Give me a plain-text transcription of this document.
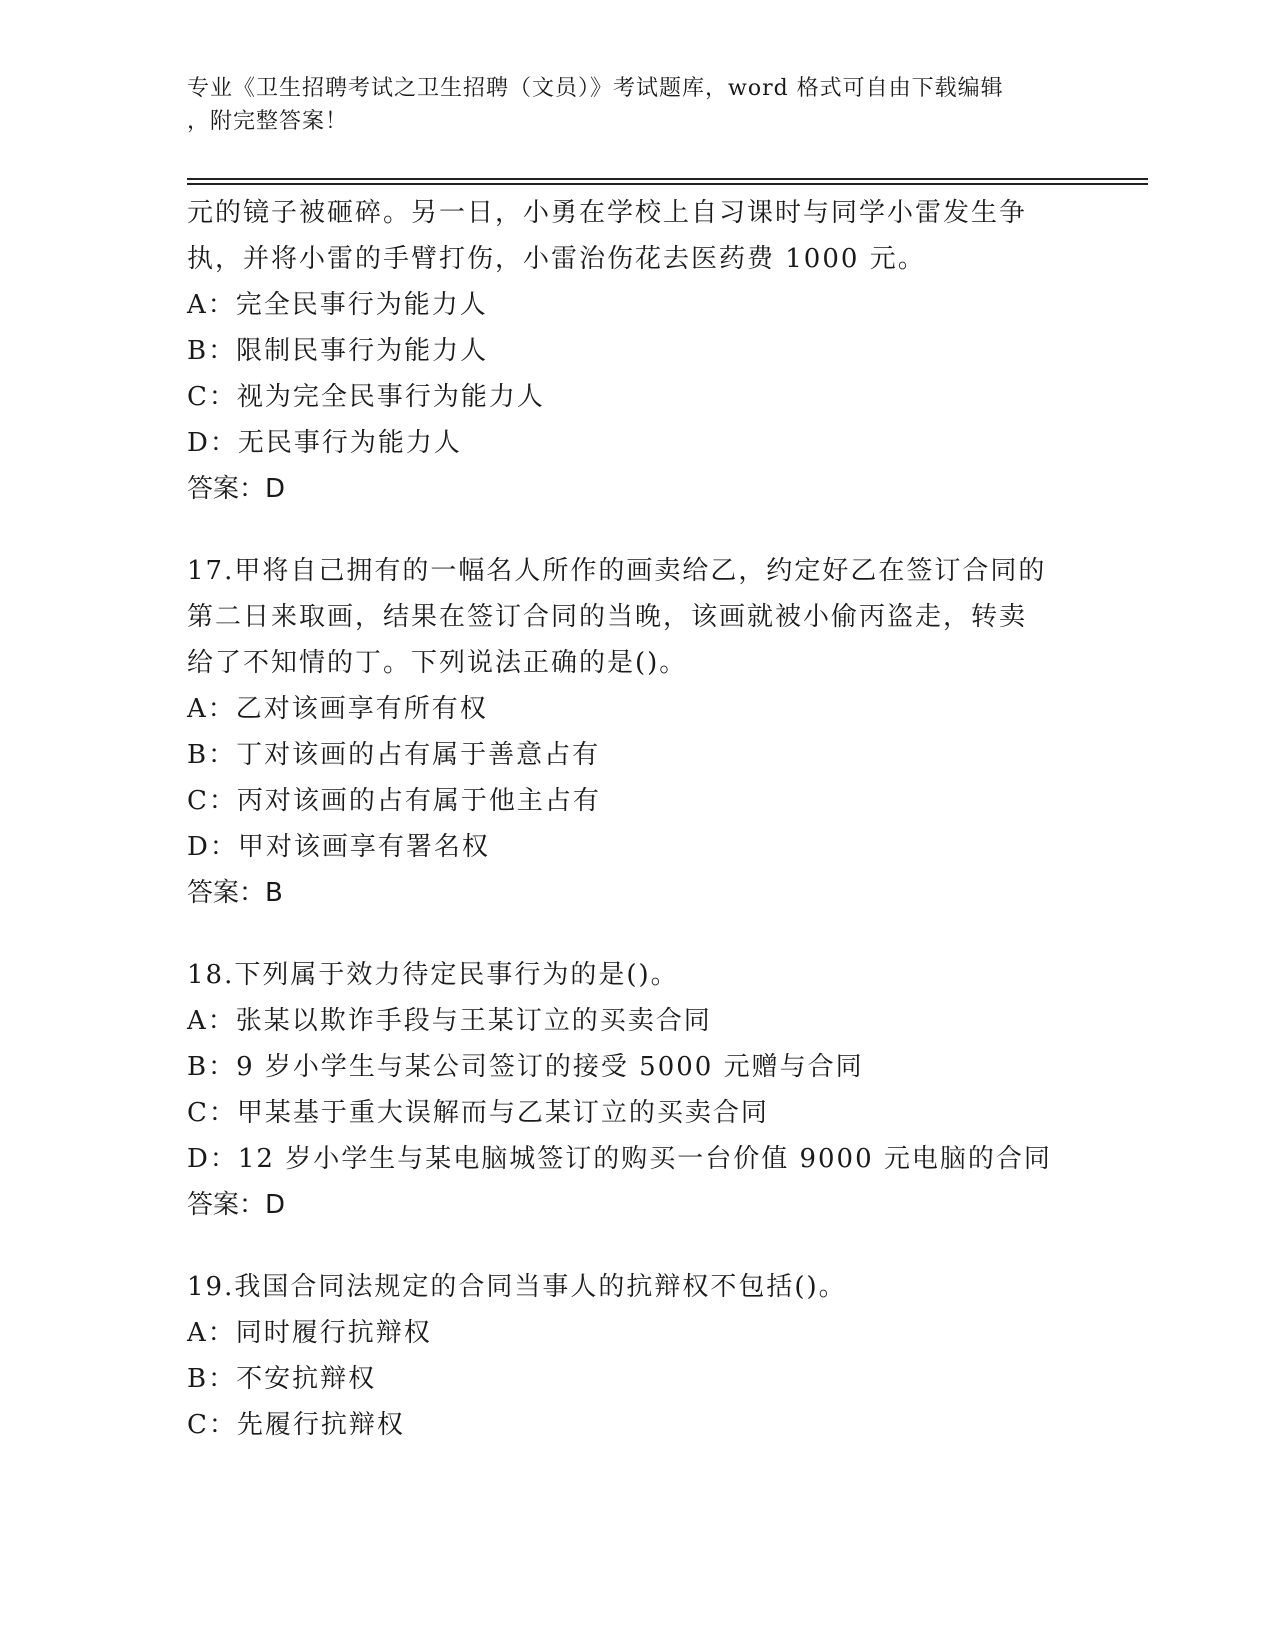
专业《卫生招聘考试之卫生招聘（文员）》考试题库，word 格式可自由下载编辑
，附完整答案！
元的镜子被砸碎。另一日，小勇在学校上自习课时与同学小雷发生争
执，并将小雷的手臂打伤，小雷治伤花去医药费 1000 元。
A：完全民事行为能力人
B：限制民事行为能力人
C：视为完全民事行为能力人
D：无民事行为能力人
答案：D
17.甲将自己拥有的一幅名人所作的画卖给乙，约定好乙在签订合同的
第二日来取画，结果在签订合同的当晚，该画就被小偷丙盗走，转卖
给了不知情的丁。下列说法正确的是()。
A：乙对该画享有所有权
B：丁对该画的占有属于善意占有
C：丙对该画的占有属于他主占有
D：甲对该画享有署名权
答案：B
18.下列属于效力待定民事行为的是()。
A：张某以欺诈手段与王某订立的买卖合同
B：9 岁小学生与某公司签订的接受 5000 元赠与合同
C：甲某基于重大误解而与乙某订立的买卖合同
D：12 岁小学生与某电脑城签订的购买一台价值 9000 元电脑的合同
答案：D
19.我国合同法规定的合同当事人的抗辩权不包括()。
A：同时履行抗辩权
B：不安抗辩权
C：先履行抗辩权
